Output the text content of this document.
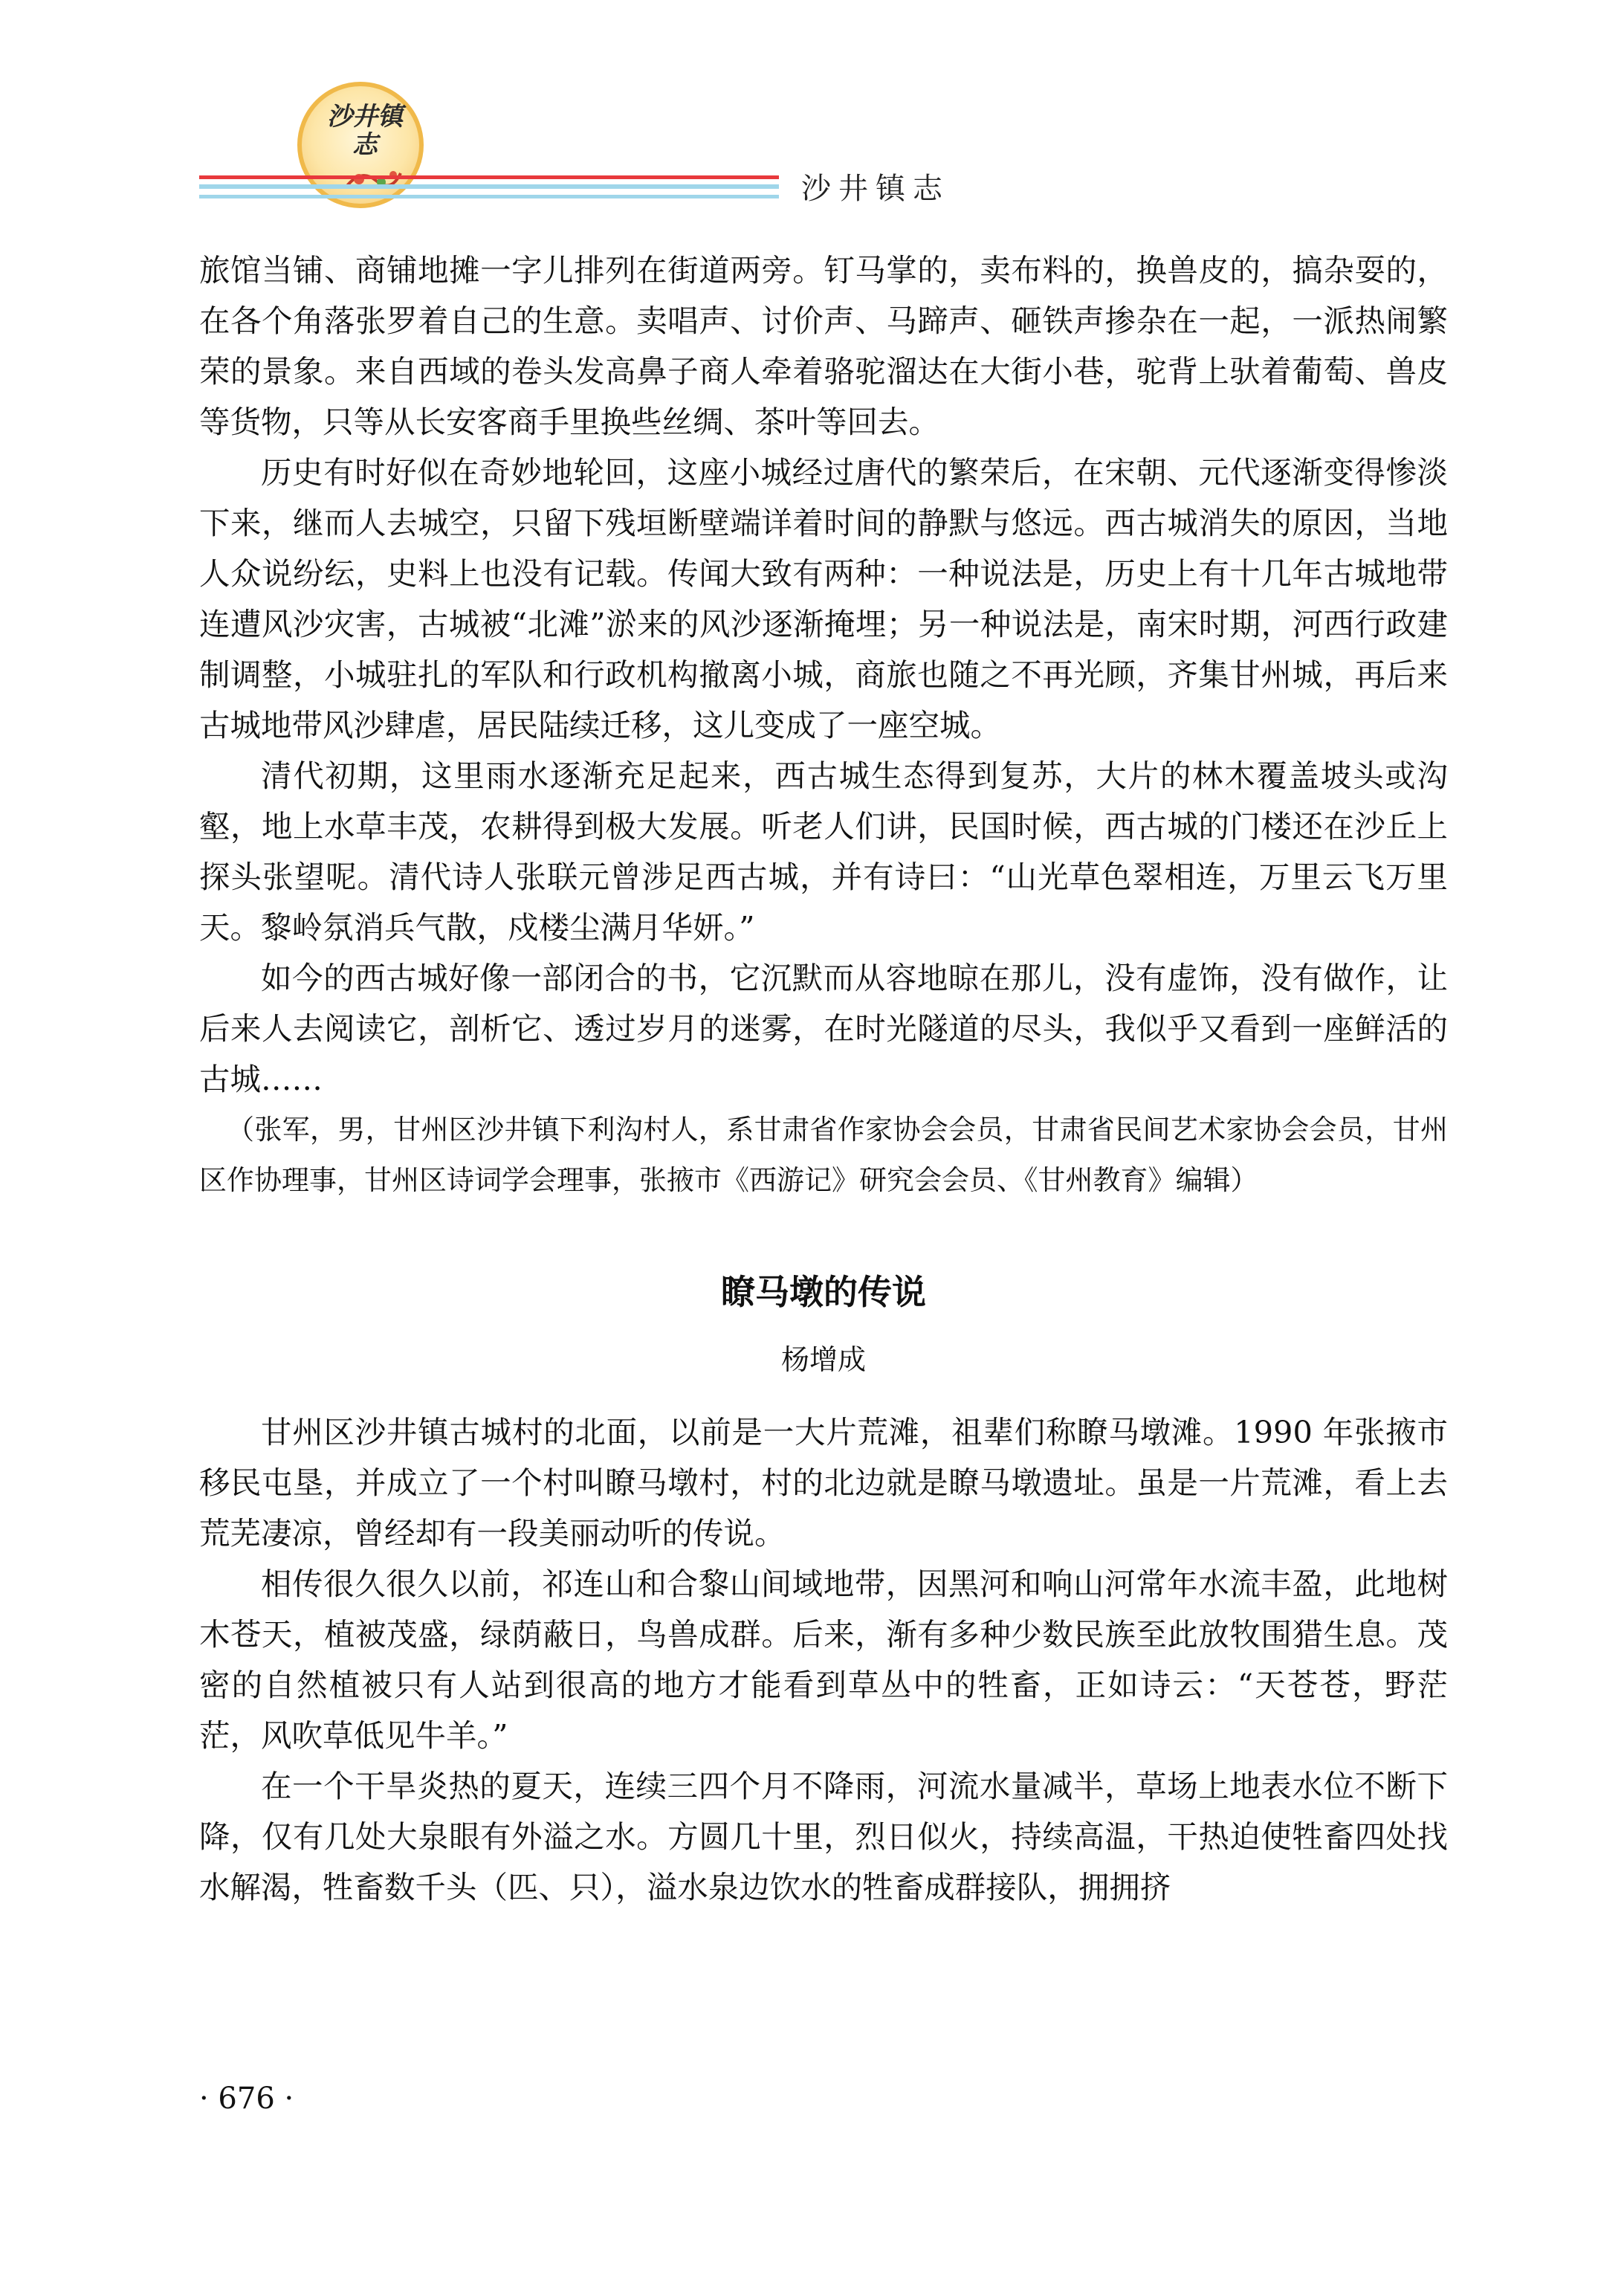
沙井镇志
沙井镇志

旅馆当铺、商铺地摊一字儿排列在街道两旁。钉马掌的，卖布料的，换兽皮的，搞杂耍的，在各个角落张罗着自己的生意。卖唱声、讨价声、马蹄声、砸铁声掺杂在一起，一派热闹繁荣的景象。来自西域的卷头发高鼻子商人牵着骆驼溜达在大街小巷，驼背上驮着葡萄、兽皮等货物，只等从长安客商手里换些丝绸、茶叶等回去。

历史有时好似在奇妙地轮回，这座小城经过唐代的繁荣后，在宋朝、元代逐渐变得惨淡下来，继而人去城空，只留下残垣断壁端详着时间的静默与悠远。西古城消失的原因，当地人众说纷纭，史料上也没有记载。传闻大致有两种：一种说法是，历史上有十几年古城地带连遭风沙灾害，古城被“北滩”淤来的风沙逐渐掩埋；另一种说法是，南宋时期，河西行政建制调整，小城驻扎的军队和行政机构撤离小城，商旅也随之不再光顾，齐集甘州城，再后来古城地带风沙肆虐，居民陆续迁移，这儿变成了一座空城。

清代初期，这里雨水逐渐充足起来，西古城生态得到复苏，大片的林木覆盖坡头或沟壑，地上水草丰茂，农耕得到极大发展。听老人们讲，民国时候，西古城的门楼还在沙丘上探头张望呢。清代诗人张联元曾涉足西古城，并有诗曰：“山光草色翠相连，万里云飞万里天。黎岭氛消兵气散，戍楼尘满月华妍。”

如今的西古城好像一部闭合的书，它沉默而从容地晾在那儿，没有虚饰，没有做作，让后来人去阅读它，剖析它、透过岁月的迷雾，在时光隧道的尽头，我似乎又看到一座鲜活的古城……

（张军，男，甘州区沙井镇下利沟村人，系甘肃省作家协会会员，甘肃省民间艺术家协会会员，甘州区作协理事，甘州区诗词学会理事，张掖市《西游记》研究会会员、《甘州教育》编辑）

瞭马墩的传说
杨增成

甘州区沙井镇古城村的北面，以前是一大片荒滩，祖辈们称瞭马墩滩。1990 年张掖市移民屯垦，并成立了一个村叫瞭马墩村，村的北边就是瞭马墩遗址。虽是一片荒滩，看上去荒芜凄凉，曾经却有一段美丽动听的传说。

相传很久很久以前，祁连山和合黎山间域地带，因黑河和响山河常年水流丰盈，此地树木苍天，植被茂盛，绿荫蔽日，鸟兽成群。后来，渐有多种少数民族至此放牧围猎生息。茂密的自然植被只有人站到很高的地方才能看到草丛中的牲畜，正如诗云：“天苍苍，野茫茫，风吹草低见牛羊。”

在一个干旱炎热的夏天，连续三四个月不降雨，河流水量减半，草场上地表水位不断下降，仅有几处大泉眼有外溢之水。方圆几十里，烈日似火，持续高温，干热迫使牲畜四处找水解渴，牲畜数千头（匹、只），溢水泉边饮水的牲畜成群接队，拥拥挤

· 676 ·
